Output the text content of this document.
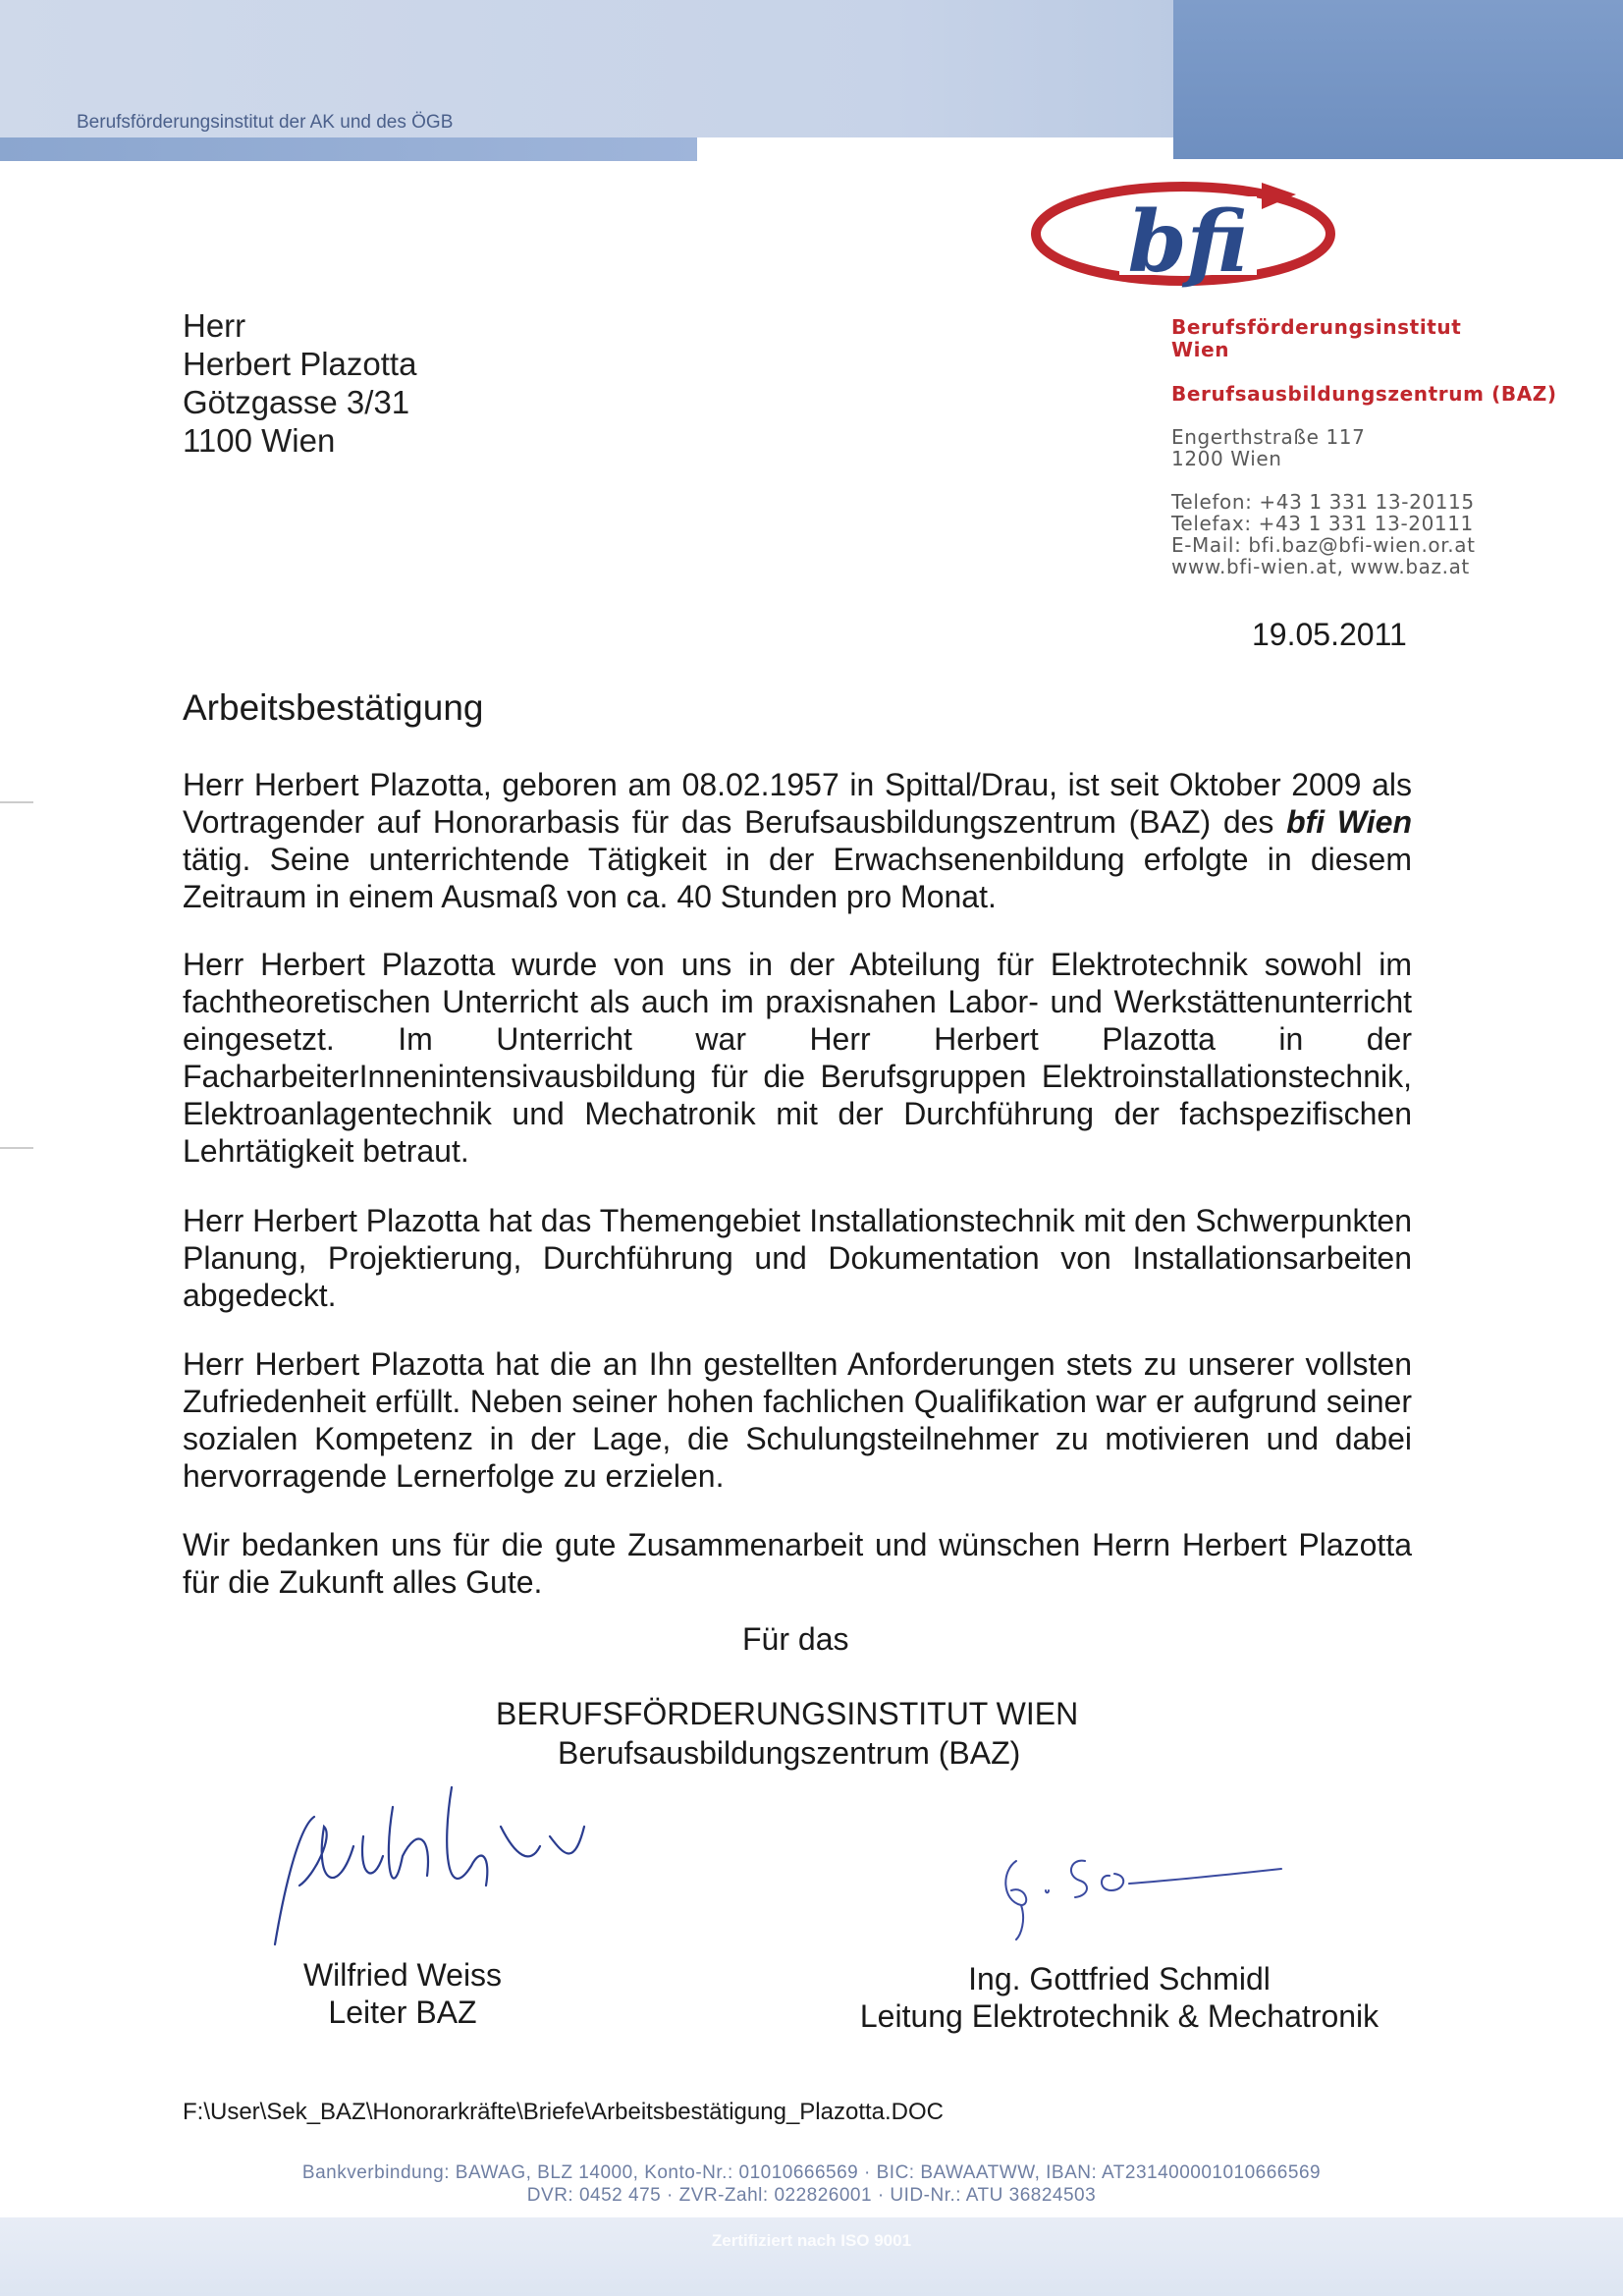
Berufsförderungsinstitut der AK und des ÖGB
bfi
Berufsförderungsinstitut
Wien
Berufsausbildungszentrum (BAZ)
Engerthstraße 117
1200 Wien
Telefon: +43 1 331 13-20115
Telefax: +43 1 331 13-20111
E-Mail: bfi.baz@bfi-wien.or.at
www.bfi-wien.at, www.baz.at
Herr
Herbert Plazotta
Götzgasse 3/31
1100 Wien
19.05.2011
Arbeitsbestätigung
Herr Herbert Plazotta, geboren am 08.02.1957 in Spittal/Drau, ist seit Oktober 2009 als Vortragender auf Honorarbasis für das Berufsausbildungszentrum (BAZ) des bfi Wien tätig. Seine unterrichtende Tätigkeit in der Erwachsenenbildung erfolgte in diesem Zeitraum in einem Ausmaß von ca. 40 Stunden pro Monat.
Herr Herbert Plazotta wurde von uns in der Abteilung für Elektrotechnik sowohl im fachtheoretischen Unterricht als auch im praxisnahen Labor- und Werkstättenunterricht eingesetzt. Im Unterricht war Herr Herbert Plazotta in der FacharbeiterInnenintensivausbildung für die Berufsgruppen Elektroinstallationstechnik, Elektroanlagentechnik und Mechatronik mit der Durchführung der fachspezifischen Lehrtätigkeit betraut.
Herr Herbert Plazotta hat das Themengebiet Installationstechnik mit den Schwerpunkten Planung, Projektierung, Durchführung und Dokumentation von Installationsarbeiten abgedeckt.
Herr Herbert Plazotta hat die an Ihn gestellten Anforderungen stets zu unserer vollsten Zufriedenheit erfüllt. Neben seiner hohen fachlichen Qualifikation war er aufgrund seiner sozialen Kompetenz in der Lage, die Schulungsteilnehmer zu motivieren und dabei hervorragende Lernerfolge zu erzielen.
Wir bedanken uns für die gute Zusammenarbeit und wünschen Herrn Herbert Plazotta für die Zukunft alles Gute.
Für das
BERUFSFÖRDERUNGSINSTITUT WIEN
Berufsausbildungszentrum (BAZ)
Wilfried Weiss
Leiter BAZ
Ing. Gottfried Schmidl
Leitung Elektrotechnik & Mechatronik
F:\User\Sek_BAZ\Honorarkräfte\Briefe\Arbeitsbestätigung_Plazotta.DOC
Bankverbindung: BAWAG, BLZ 14000, Konto-Nr.: 01010666569 · BIC: BAWAATWW, IBAN: AT231400001010666569
DVR: 0452 475 · ZVR-Zahl: 022826001 · UID-Nr.: ATU 36824503
Zertifiziert nach ISO 9001
